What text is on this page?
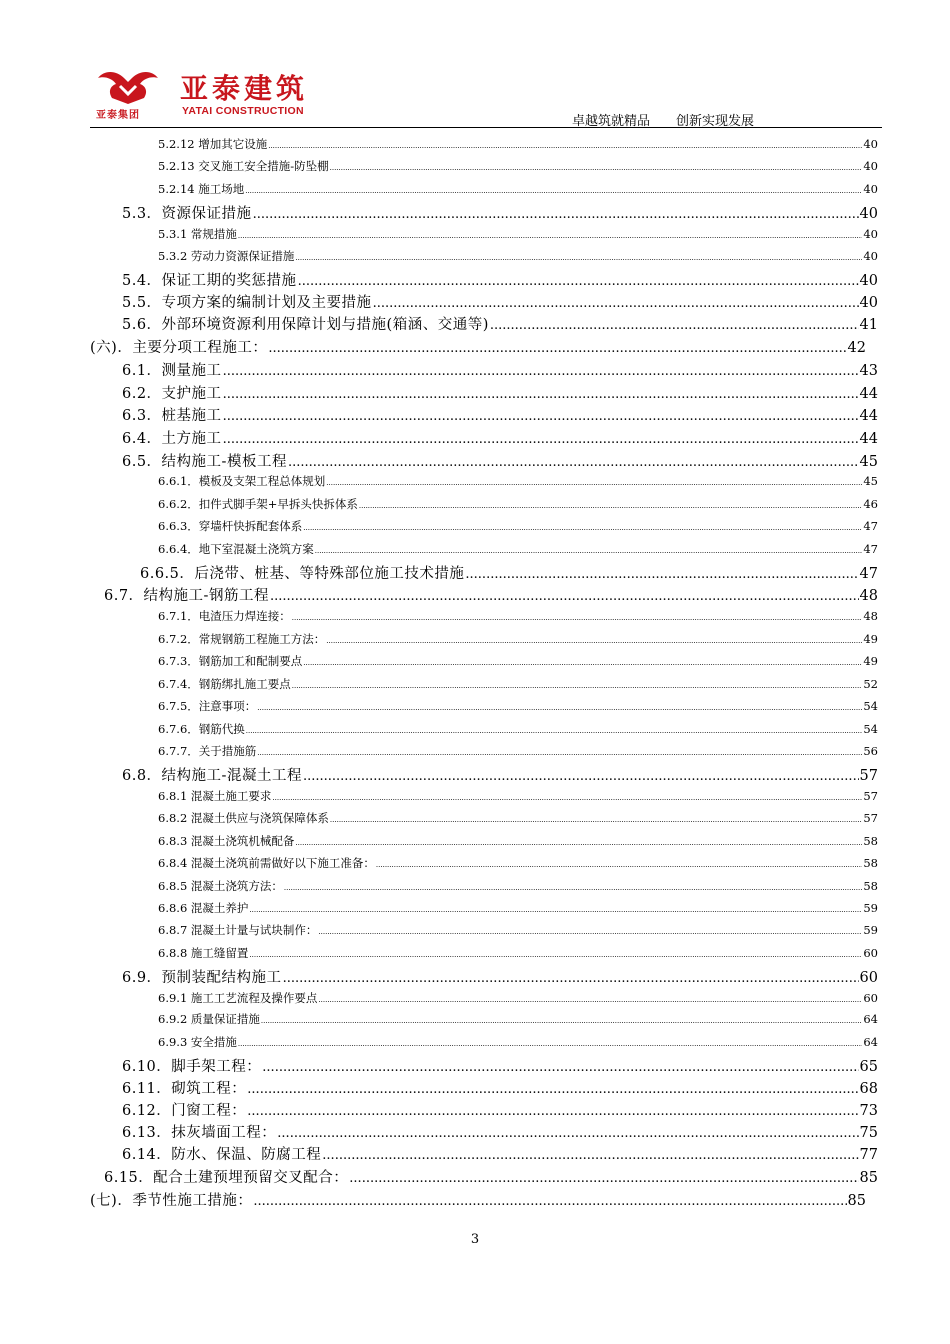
亚泰集团
亚泰建筑
YATAI CONSTRUCTION
卓越筑就精品 创新实现发展
5.2.12 增加其它设施 .....	40
5.2.13 交叉施工安全措施-防坠棚 .....	40
5.2.14 施工场地 .....	40
5.3．资源保证措施 .....	40
5.3.1 常规措施 .....	40
5.3.2 劳动力资源保证措施 .....	40
5.4．保证工期的奖惩措施 .....	40
5.5．专项方案的编制计划及主要措施 .....	40
5.6．外部环境资源利用保障计划与措施(箱涵、交通等) .....	41
(六)．主要分项工程施工： .....	42
6.1．测量施工 .....	43
6.2．支护施工 .....	44
6.3．桩基施工 .....	44
6.4．土方施工 .....	44
6.5．结构施工-模板工程 .....	45
6.6.1．模板及支架工程总体规划 .....	45
6.6.2．扣件式脚手架+早拆头快拆体系 .....	46
6.6.3．穿墙杆快拆配套体系 .....	47
6.6.4．地下室混凝土浇筑方案 .....	47
6.6.5．后浇带、桩基、等特殊部位施工技术措施 .....	47
6.7．结构施工-钢筋工程 .....	48
6.7.1．电渣压力焊连接： .....	48
6.7.2．常规钢筋工程施工方法： .....	49
6.7.3．钢筋加工和配制要点 .....	49
6.7.4．钢筋绑扎施工要点 .....	52
6.7.5．注意事项： .....	54
6.7.6．钢筋代换 .....	54
6.7.7．关于措施筋 .....	56
6.8．结构施工-混凝土工程 .....	57
6.8.1 混凝土施工要求 .....	57
6.8.2 混凝土供应与浇筑保障体系 .....	57
6.8.3 混凝土浇筑机械配备 .....	58
6.8.4 混凝土浇筑前需做好以下施工准备： .....	58
6.8.5 混凝土浇筑方法： .....	58
6.8.6 混凝土养护 .....	59
6.8.7 混凝土计量与试块制作： .....	59
6.8.8 施工缝留置 .....	60
6.9．预制装配结构施工 .....	60
6.9.1 施工工艺流程及操作要点 .....	60
6.9.2 质量保证措施 .....	64
6.9.3 安全措施 .....	64
6.10．脚手架工程： .....	65
6.11．砌筑工程： .....	68
6.12．门窗工程： .....	73
6.13．抹灰墙面工程： .....	75
6.14．防水、保温、防腐工程 .....	77
6.15．配合土建预埋预留交叉配合： .....	85
(七)．季节性施工措施： .....	85
3
